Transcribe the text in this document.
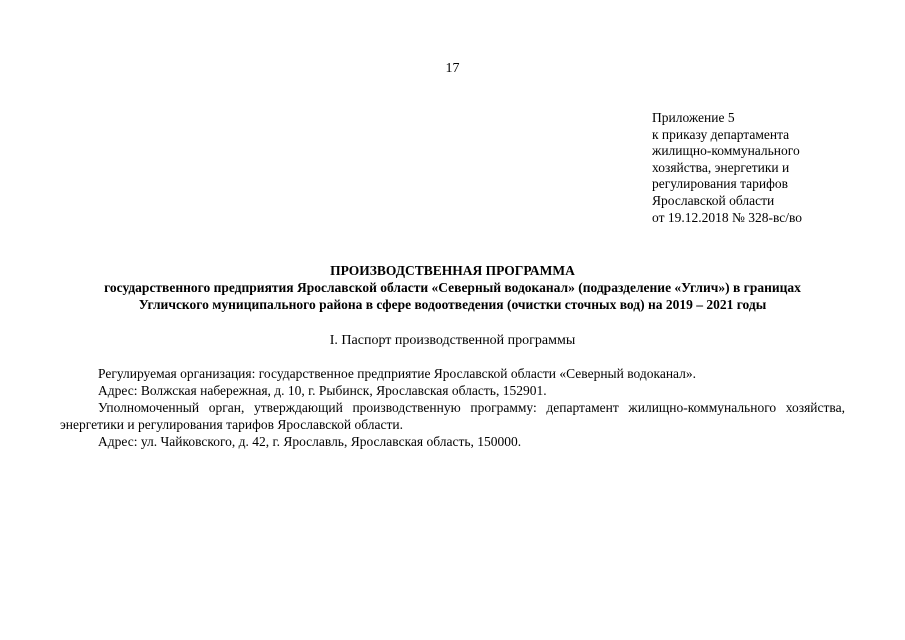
17
Приложение 5
к приказу департамента
жилищно-коммунального
хозяйства, энергетики и
регулирования тарифов
Ярославской области
от 19.12.2018 № 328-вс/во
ПРОИЗВОДСТВЕННАЯ ПРОГРАММА
государственного предприятия Ярославской области «Северный водоканал» (подразделение «Углич») в границах
Угличского муниципального района в сфере водоотведения (очистки сточных вод) на 2019 – 2021 годы
I. Паспорт производственной программы

Регулируемая организация: государственное предприятие Ярославской области «Северный водоканал».

Адрес: Волжская набережная, д. 10, г. Рыбинск, Ярославская область, 152901.

Уполномоченный орган, утверждающий производственную программу: департамент жилищно-коммунального хозяйства, энергетики и регулирования тарифов Ярославской области.

Адрес: ул. Чайковского, д. 42, г. Ярославль, Ярославская область, 150000.
